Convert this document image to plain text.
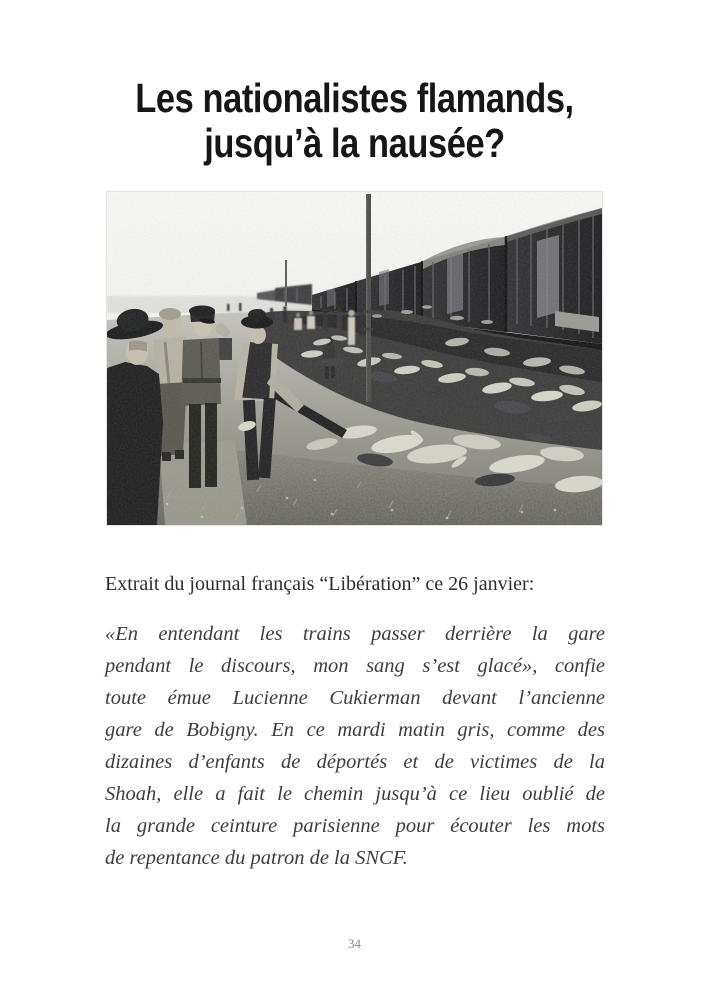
Les nationalistes flamands,
jusqu’à la nausée?

Extrait du journal français “Libération” ce 26 janvier:

«En entendant les trains passer derrière la gare
pendant le discours, mon sang s’est glacé», confie
toute émue Lucienne Cukierman devant l’ancienne
gare de Bobigny. En ce mardi matin gris, comme des
dizaines d’enfants de déportés et de victimes de la
Shoah, elle a fait le chemin jusqu’à ce lieu oublié de
la grande ceinture parisienne pour écouter les mots
de repentance du patron de la SNCF.
34
